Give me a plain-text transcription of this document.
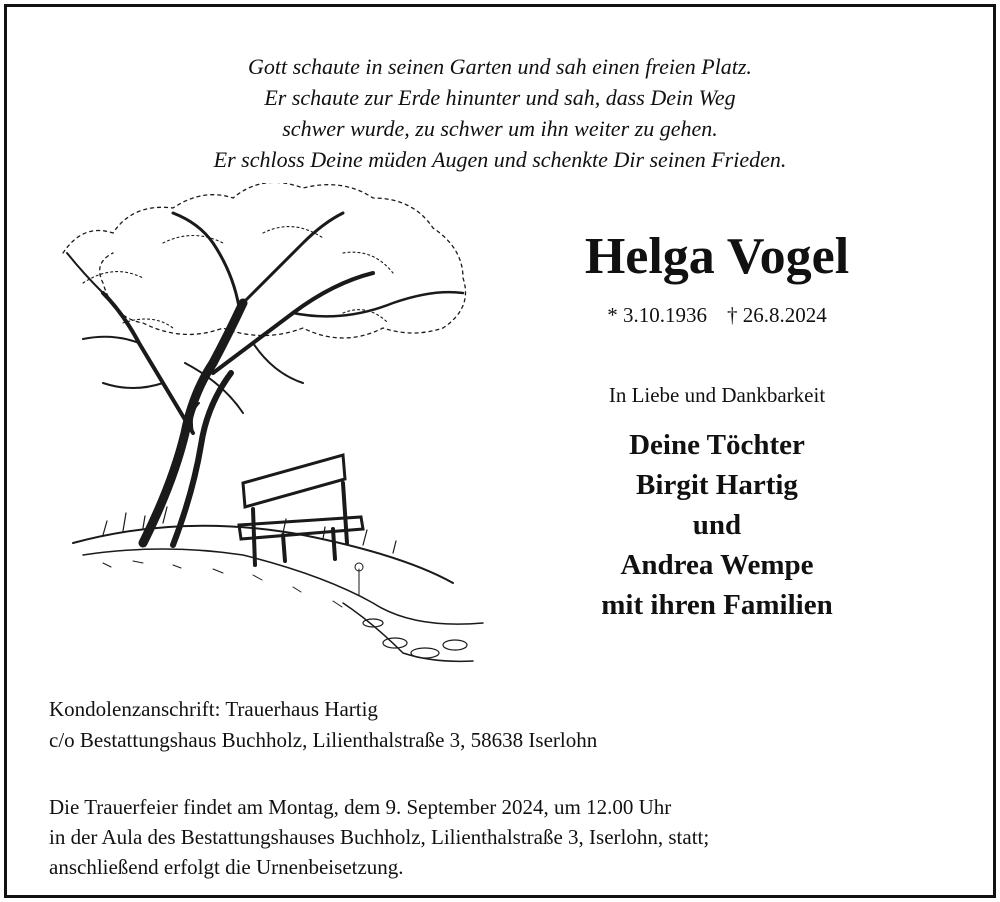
Gott schaute in seinen Garten und sah einen freien Platz.
Er schaute zur Erde hinunter und sah, dass Dein Weg
schwer wurde, zu schwer um ihn weiter zu gehen.
Er schloss Deine müden Augen und schenkte Dir seinen Frieden.
Helga Vogel
* 3.10.1936 † 26.8.2024
In Liebe und Dankbarkeit
Deine Töchter
Birgit Hartig
und
Andrea Wempe
mit ihren Familien
Kondolenzanschrift: Trauerhaus Hartig
c/o Bestattungshaus Buchholz, Lilienthalstraße 3, 58638 Iserlohn
Die Trauerfeier findet am Montag, dem 9. September 2024, um 12.00 Uhr
in der Aula des Bestattungshauses Buchholz, Lilienthalstraße 3, Iserlohn, statt;
anschließend erfolgt die Urnenbeisetzung.
